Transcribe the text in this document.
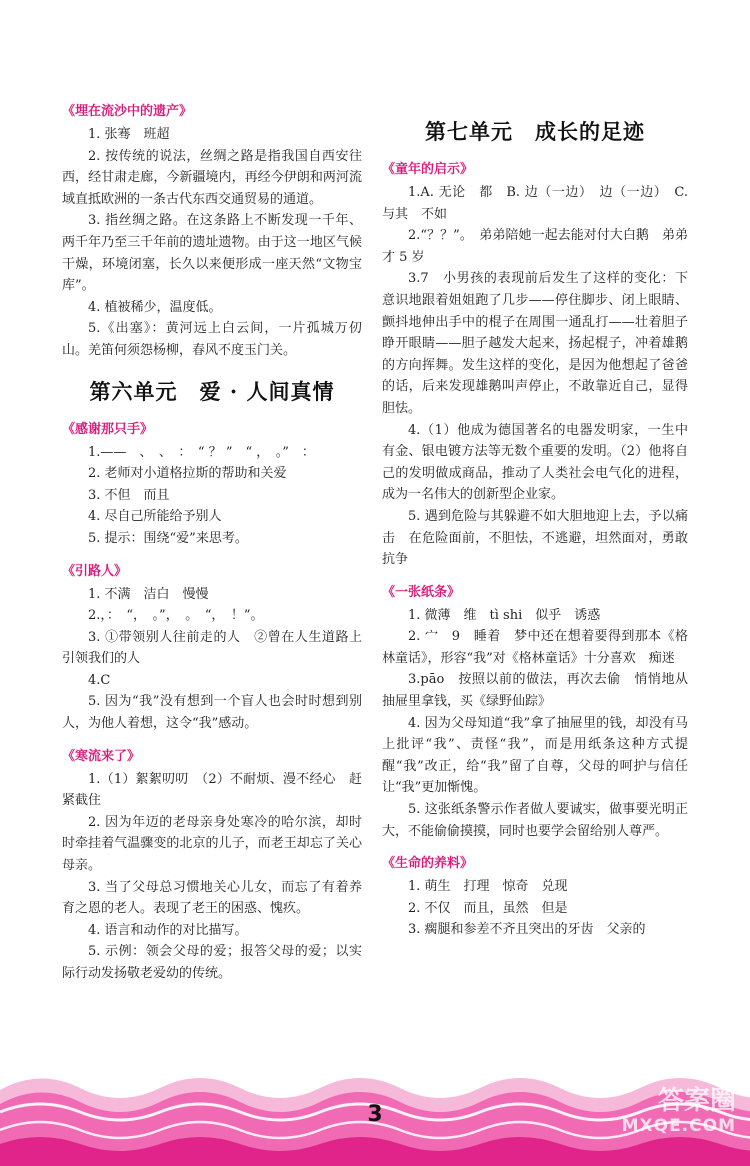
《埋在流沙中的遗产》

1. 张骞　班超

2. 按传统的说法，丝绸之路是指我国自西安往西，经甘肃走廊，今新疆境内，再经今伊朗和两河流域直抵欧洲的一条古代东西交通贸易的通道。

3. 指丝绸之路。在这条路上不断发现一千年、两千年乃至三千年前的遗址遗物。由于这一地区气候干燥，环境闭塞，长久以来便形成一座天然“文物宝库”。

4. 植被稀少，温度低。

5.《出塞》：黄河远上白云间，一片孤城万仞山。羌笛何须怨杨柳，春风不度玉门关。

第六单元　爱 · 人间真情
《感谢那只手》

1.——　、　、　：　“ ？ ”　“ ，　。”　：

2. 老师对小道格拉斯的帮助和关爱

3. 不但　而且

4. 尽自己所能给予别人

5. 提示：围绕“爱”来思考。

《引路人》

1. 不满　洁白　慢慢

2.，：　“，　。”，　。　“，　！”。

3. ①带领别人往前走的人　②曾在人生道路上引领我们的人

4.C

5. 因为“我”没有想到一个盲人也会时时想到别人，为他人着想，这令“我”感动。

《寒流来了》

1.（1）絮絮叨叨　（2）不耐烦、漫不经心　赶紧截住

2. 因为年迈的老母亲身处寒冷的哈尔滨，却时时牵挂着气温骤变的北京的儿子，而老王却忘了关心母亲。

3. 当了父母总习惯地关心儿女，而忘了有着养育之恩的老人。表现了老王的困惑、愧疚。

4. 语言和动作的对比描写。

5. 示例：领会父母的爱；报答父母的爱；以实际行动发扬敬老爱幼的传统。

第七单元　成长的足迹
《童年的启示》

1.A. 无论　都　B. 边（一边）　边（一边）　C. 与其　不如

2.“？？”。　弟弟陪她一起去能对付大白鹅　弟弟才 5 岁

3.7　小男孩的表现前后发生了这样的变化：下意识地跟着姐姐跑了几步——停住脚步、闭上眼睛、颤抖地伸出手中的棍子在周围一通乱打——壮着胆子睁开眼睛——胆子越发大起来，扬起棍子，冲着雄鹅的方向挥舞。发生这样的变化，是因为他想起了爸爸的话，后来发现雄鹅叫声停止，不敢靠近自己，显得胆怯。

4.（1）他成为德国著名的电器发明家，一生中有金、银电镀方法等无数个重要的发明。（2）他将自己的发明做成商品，推动了人类社会电气化的进程，成为一名伟大的创新型企业家。

5. 遇到危险与其躲避不如大胆地迎上去，予以痛击　在危险面前，不胆怯，不逃避，坦然面对，勇敢抗争

《一张纸条》

1. 微薄　维　tì shi　似乎　诱惑

2. 宀　9　睡着　梦中还在想着要得到那本《格林童话》，形容“我”对《格林童话》十分喜欢　痴迷

3.pāo　按照以前的做法，再次去偷　悄悄地从抽屉里拿钱，买《绿野仙踪》

4. 因为父母知道“我”拿了抽屉里的钱，却没有马上批评“我”、责怪“我”，而是用纸条这种方式提醒“我”改正，给“我”留了自尊，父母的呵护与信任让“我”更加惭愧。

5. 这张纸条警示作者做人要诚实，做事要光明正大，不能偷偷摸摸，同时也要学会留给别人尊严。

《生命的养料》

1. 萌生　打理　惊奇　兑现

2. 不仅　而且，虽然　但是

3. 瘸腿和参差不齐且突出的牙齿　父亲的

3	答案圈
MXQE.COM
